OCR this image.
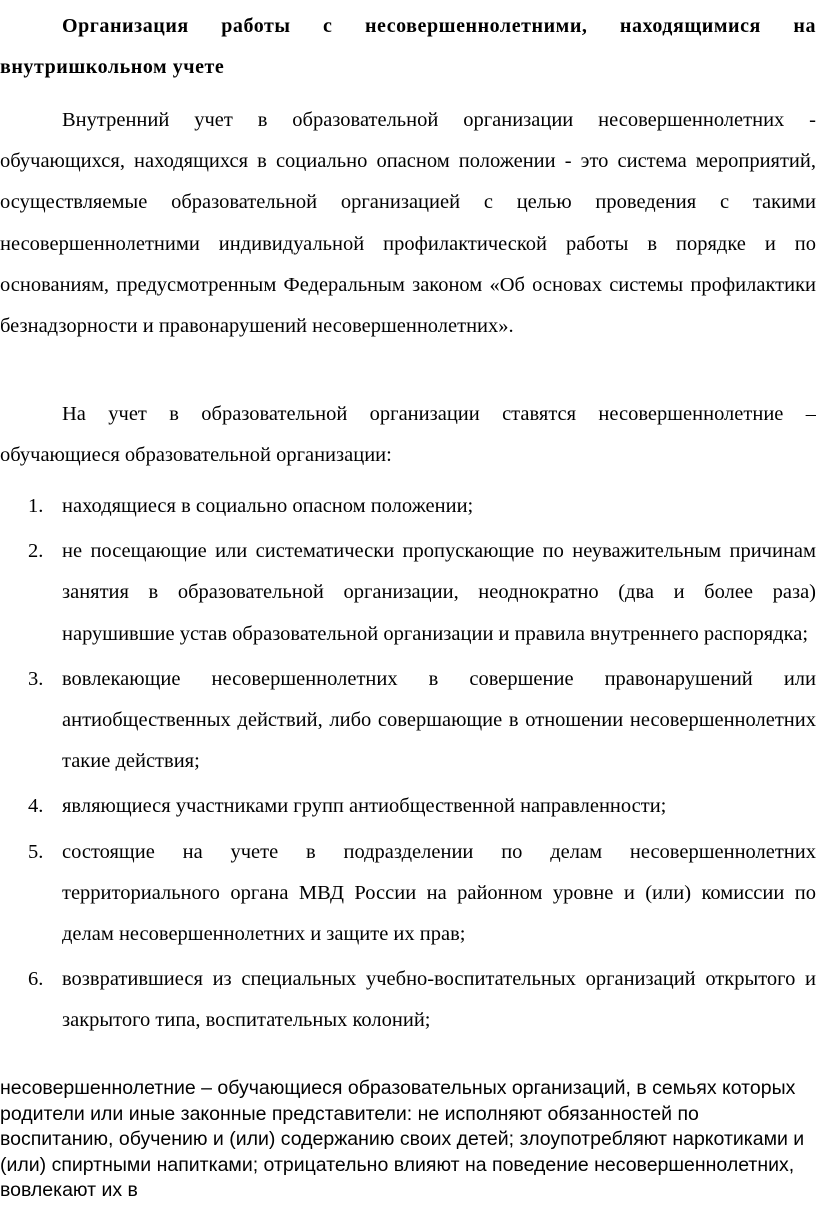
Организация работы с несовершеннолетними, находящимися на внутришкольном учете

Внутренний учет в образовательной организации несовершеннолетних - обучающихся, находящихся в социально опасном положении - это система мероприятий, осуществляемые образовательной организацией с целью проведения с такими несовершеннолетними индивидуальной профилактической работы в порядке и по основаниям, предусмотренным Федеральным законом «Об основах системы профилактики безнадзорности и правонарушений несовершеннолетних».

На учет в образовательной организации ставятся несовершеннолетние – обучающиеся образовательной организации:

1. находящиеся в социально опасном положении;
2. не посещающие или систематически пропускающие по неуважительным причинам занятия в образовательной организации, неоднократно (два и более раза) нарушившие устав образовательной организации и правила внутреннего распорядка;
3. вовлекающие несовершеннолетних в совершение правонарушений или антиобщественных действий, либо совершающие в отношении несовершеннолетних такие действия;
4. являющиеся участниками групп антиобщественной направленности;
5. состоящие на учете в подразделении по делам несовершеннолетних территориального органа МВД России на районном уровне и (или) комиссии по делам несовершеннолетних и защите их прав;
6. возвратившиеся из специальных учебно-воспитательных организаций открытого и закрытого типа, воспитательных колоний;

несовершеннолетние – обучающиеся образовательных организаций, в семьях которых родители или иные законные представители: не исполняют обязанностей по воспитанию, обучению и (или) содержанию своих детей; злоупотребляют наркотиками и (или) спиртными напитками; отрицательно влияют на поведение несовершеннолетних, вовлекают их в
